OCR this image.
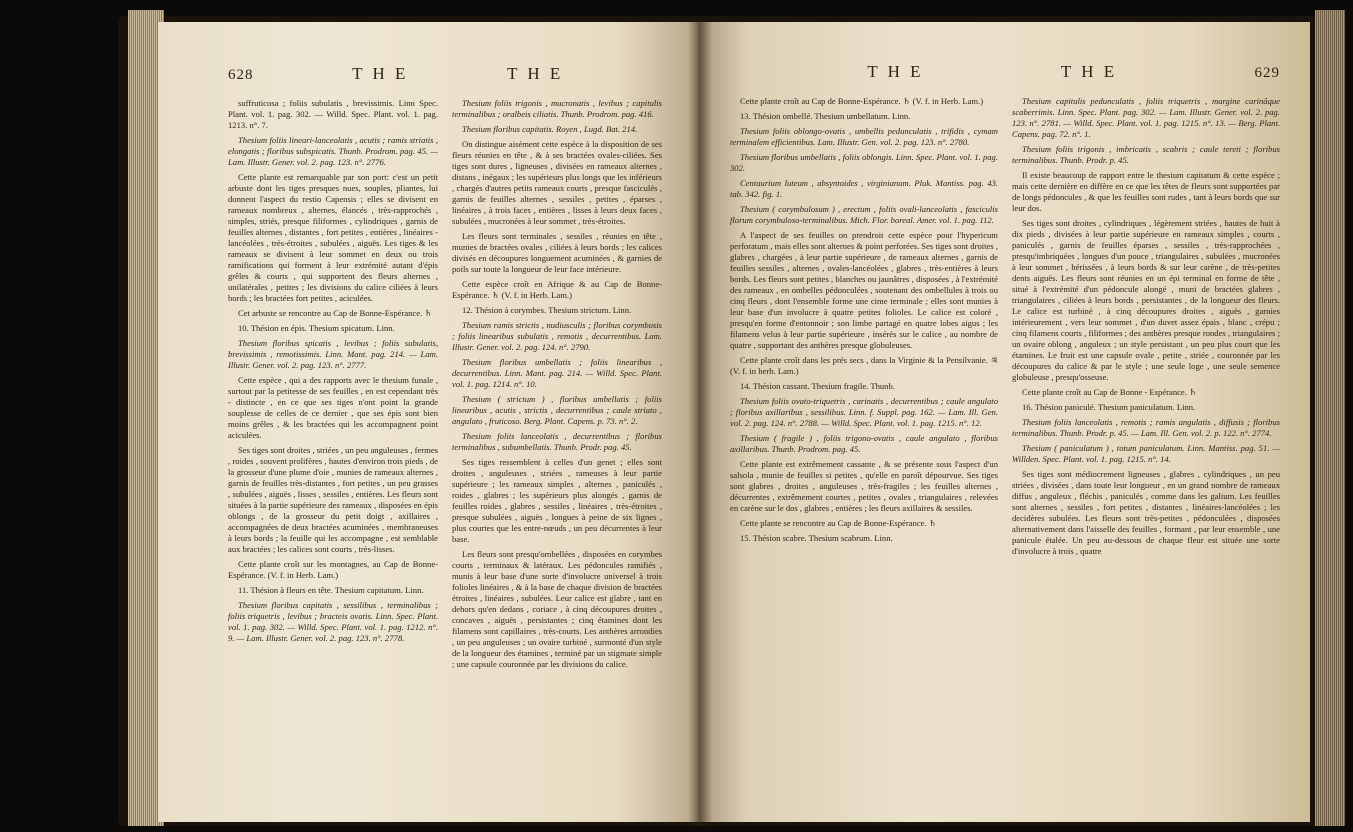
628	T H E	T H E

suffruticosa ; foliis subulatis , brevissimis. Linn Spec. Plant. vol. 1. pag. 302. — Willd. Spec. Plant. vol. 1. pag. 1213. n°. 7.

Thesium foliis lineari-lanceolatis , acutis ; ramis striatis , elongatis ; floribus subspicatis. Thunb. Prodrom. pag. 45. — Lam. Illustr. Gener. vol. 2. pag. 123. n°. 2776.

Cette plante est remarquable par son port: c'est un petit arbuste dont les tiges presques nues, souples, pliantes, lui donnent l'aspect du restio Capensis ; elles se divisent en rameaux nombreux , alternes, élancés , très-rapprochés , simples, striés, presque filiformes , cylindriques , garnis de feuilles alternes , distantes , fort petites , entières , linéaires - lancéolées , très-étroites , subulées , aiguës. Les tiges & les rameaux se divisent à leur sommet en deux ou trois ramifications qui forment à leur extrémité autant d'épis grêles & courts , qui supportent des fleurs alternes , unilatérales , petites ; les divisions du calice ciliées à leurs bords ; les bractées fort petites , aciculées.

Cet arbuste se rencontre au Cap de Bonne-Espérance. ♄

10. Thésion en épis. Thesium spicatum. Linn.

Thesium floribus spicatis , levibus ; foliis subulatis, brevissimis , remotissimis. Linn. Mant. pag. 214. — Lam. Illustr. Gener. vol. 2. pag. 123. n°. 2777.

Cette espèce , qui a des rapports avec le thesium funale , surtout par la petitesse de ses feuilles , en est cependant très - distincte , en ce que ses tiges n'ont point la grande souplesse de celles de ce dernier , que ses épis sont bien moins grêles , & les bractées qui les accompagnent point aciculées.

Ses tiges sont droites , striées , un peu anguleuses , fermes , roides , souvent prolifères , hautes d'environ trois pieds , de la grosseur d'une plume d'oie , munies de rameaux alternes , garnis de feuilles très-distantes , fort petites , un peu grasses , subulées , aiguës , lisses , sessiles , entières. Les fleurs sont situées à la partie supérieure des rameaux , disposées en épis oblongs , de la grosseur du petit doigt , axillaires , accompagnées de deux bractées acuminées , membraneuses à leurs bords ; la feuille qui les accompagne , est semblable aux bractées ; les calices sont courts , très-lisses.

Cette plante croît sur les montagnes, au Cap de Bonne-Espérance. (V. f. in Herb. Lam.)

11. Thésion à fleurs en tête. Thesium capitatum. Linn.

Thesium floribus capitatis , sessilibus , terminalibus ; foliis triquetris , levibus ; bracteis ovatis. Linn. Spec. Plant. vol. 1. pag. 302. — Willd. Spec. Plant. vol. 1. pag. 1212. n°. 9. — Lam. Illustr. Gener. vol. 2. pag. 123. n°. 2778.

Thesium foliis trigonis , mucronatis , levibus ; capitulis terminalibus ; oralbeis ciliatis. Thunb. Prodrom. pag. 416.

Thesium floribus capitatis. Royen , Lugd. Bat. 214.

On distingue aisément cette espèce à la disposition de ses fleurs réunies en tête , & à ses bractées ovales-ciliées. Ses tiges sont dures , ligneuses , divisées en rameaux alternes , distans , inégaux ; les supérieurs plus longs que les inférieurs , chargés d'autres petits rameaux courts , presque fasciculés , garnis de feuilles alternes , sessiles , petites , éparses , linéaires , à trois faces , entières , lisses à leurs deux faces , subulées , mucronées à leur sommet , très-étroites.

Les fleurs sont terminales , sessiles , réunies en tête , munies de bractées ovales , ciliées à leurs bords ; les calices divisés en découpures longuement acuminées , & garnies de poils sur toute la longueur de leur face intérieure.

Cette espèce croît en Afrique & au Cap de Bonne-Espérance. ♄ (V. f. in Herb. Lam.)

12. Thésion à corymbes. Thesium strictum. Linn.

Thesium ramis strictis , nudiusculis ; floribus corymbosis ; foliis linearibus subulatis , remotis , decurrentibus. Lam. Illustr. Gener. vol. 2. pag. 124. n°. 2790.

Thesium floribus umbellatis ; foliis linearibus , decurrentibus. Linn. Mant. pag. 214. — Willd. Spec. Plant. vol. 1. pag. 1214. n°. 10.

Thesium ( strictum ) , floribus umbellatis ; foliis linearibus , acutis , strictis , decurrentibus ; caule striato , angulato , fruticoso. Berg. Plant. Capens. p. 73. n°. 2.

Thesium foliis lanceolatis , decurrentibus ; floribus terminalibus , subumbellatis. Thunb. Prodr. pag. 45.

Ses tiges ressemblent à celles d'un genet ; elles sont droites , anguleuses , striées , rameuses à leur partie supérieure ; les rameaux simples , alternes , paniculés , roides , glabres ; les supérieurs plus alongés , garnis de feuilles roides , glabres , sessiles , linéaires , très-étroites , presque subulées , aiguës , longues à peine de six lignes , plus courtes que les entre-nœuds , un peu décurrentes à leur base.

Les fleurs sont presqu'ombellées , disposées en corymbes courts , terminaux & latéraux. Les pédoncules ramifiés , munis à leur base d'une sorte d'involucre universel à trois folioles linéaires , & à la base de chaque division de bractées étroites , linéaires , subulées. Leur calice est glabre , tant en dehors qu'en dedans , coriace , à cinq découpures droites , concaves , aiguës , persistantes ; cinq étamines dont les filamens sont capillaires , très-courts. Les anthères arrondies , un peu anguleuses ; un ovaire turbiné , surmonté d'un style de la longueur des étamines , terminé par un stigmate simple ; une capsule couronnée par les divisions du calice.

T H E	T H E	629

Cette plante croît au Cap de Bonne-Espérance. ♄ (V. f. in Herb. Lam.)

13. Thésion ombellé. Thesium umbellatum. Linn.

Thesium foliis oblongo-ovatis , umbellis pedunculatis , trifidis , cymam terminalem efficientibus. Lam. Illustr. Gen. vol. 2. pag. 123. n°. 2780.

Thesium floribus umbellatis , foliis oblongis. Linn. Spec. Plant. vol. 1. pag. 302.

Centaurium luteum , absyntoides , virginianum. Pluk. Mantiss. pag. 43. tab. 342. fig. 1.

Thesium ( corymbulosum ) , erectum , foliis ovali-lanceolatis , fasciculis florum corymbuloso-terminalibus. Mich. Flor. boreal. Amer. vol. 1. pag. 112.

A l'aspect de ses feuilles on prendroit cette espèce pour l'hypericum perforatum , mais elles sont alternes & point perforées. Ses tiges sont droites , glabres , chargées , à leur partie supérieure , de rameaux alternes , garnis de feuilles sessiles , alternes , ovales-lancéolées , glabres , très-entières à leurs bords. Les fleurs sont petites , blanches ou jaunâtres , disposées , à l'extrémité des rameaux , en ombelles pédonculées , soutenant des ombellules à trois ou cinq fleurs , dont l'ensemble forme une cime terminale ; elles sont munies à leur base d'un involucre à quatre petites folioles. Le calice est coloré , presqu'en forme d'entonnoir ; son limbe partagé en quatre lobes aigus ; les filamens velus à leur partie supérieure , insérés sur le calice , au nombre de quatre , supportant des anthères presque globuleuses.

Cette plante croît dans les prés secs , dans la Virginie & la Pensilvanie. ♃ (V. f. in herb. Lam.)

14. Thésion cassant. Thesium fragile. Thunb.

Thesium foliis ovato-triquetris , carinatis , decurrentibus ; caule angulato ; floribus axillaribus , sessilibus. Linn. f. Suppl. pag. 162. — Lam. Ill. Gen. vol. 2. pag. 124. n°. 2788. — Willd. Spec. Plant. vol. 1. pag. 1215. n°. 12.

Thesium ( fragile ) , foliis trigono-ovatis , caule angulato , floribus axillaribus. Thunb. Prodrom. pag. 45.

Cette plante est extrêmement cassante , & se présente sous l'aspect d'un salsola , munie de feuilles si petites , qu'elle en paroît dépourvue. Ses tiges sont glabres , droites , anguleuses , très-fragiles ; les feuilles alternes , décurrentes , extrêmement courtes , petites , ovales , triangulaires , relevées en carène sur le dos , glabres , entières ; les fleurs axillaires & sessiles.

Cette plante se rencontre au Cap de Bonne-Espérance. ♄

15. Thésion scabre. Thesium scabrum. Linn.

Thesium capitulis pedunculatis , foliis triquetris , margine carinâque scaberrimis. Linn. Spec. Plant. pag. 302. — Lam. Illustr. Gener. vol. 2. pag. 123. n°. 2781. — Willd. Spec. Plant. vol. 1. pag. 1215. n°. 13. — Berg. Plant. Capens. pag. 72. n°. 1.

Thesium foliis trigonis , imbricatis , scabris ; caule tereti ; floribus terminalibus. Thunb. Prodr. p. 45.

Il existe beaucoup de rapport entre le thesium capitatum & cette espèce ; mais cette dernière en diffère en ce que les têtes de fleurs sont supportées par de longs pédoncules , & que les feuilles sont rudes , tant à leurs bords que sur leur dos.

Ses tiges sont droites , cylindriques , légèrement striées , hautes de huit à dix pieds , divisées à leur partie supérieure en rameaux simples , courts , paniculés , garnis de feuilles éparses , sessiles , très-rapprochées , presqu'imbriquées , longues d'un pouce , triangulaires , subulées , mucronées à leur sommet , hérissées , à leurs bords & sur leur carène , de très-petites dents aiguës. Les fleurs sont réunies en un épi terminal en forme de tête , situé à l'extrémité d'un pédoncule alongé , muni de bractées glabres , triangulaires , ciliées à leurs bords , persistantes , de la longueur des fleurs. Le calice est turbiné , à cinq découpures droites , aiguës , garnies intérieurement , vers leur sommet , d'un duvet assez épais , blanc , crépu ; cinq filamens courts , filiformes ; des anthères presque rondes , triangulaires ; un ovaire oblong , anguleux ; un style persistant , un peu plus court que les étamines. Le fruit est une capsule ovale , petite , striée , couronnée par les découpures du calice & par le style ; une seule loge , une seule semence globuleuse , presqu'osseuse.

Cette plante croît au Cap de Bonne - Espérance. ♄

16. Thésion paniculé. Thesium paniculatum. Linn.

Thesium foliis lanceolatis , remotis ; ramis angulatis , diffusis ; floribus terminalibus. Thunb. Prodr. p. 45. — Lam. Ill. Gen. vol. 2. p. 122. n°. 2774.

Thesium ( paniculatum ) , totum paniculatum. Linn. Mantiss. pag. 51. — Willden. Spec. Plant. vol. 1. pag. 1215. n°. 14.

Ses tiges sont médiocrement ligneuses , glabres , cylindriques , un peu striées , divisées , dans toute leur longueur , en un grand nombre de rameaux diffus , anguleux , fléchis , paniculés , comme dans les galium. Les feuilles sont alternes , sessiles , fort petites , distantes , linéaires-lancéolées ; les decidères subulées. Les fleurs sont très-petites , pédonculées , disposées alternativement dans l'aisselle des feuilles , formant , par leur ensemble , une panicule étalée. Un peu au-dessous de chaque fleur est située une sorte d'involucre à trois , quatre
